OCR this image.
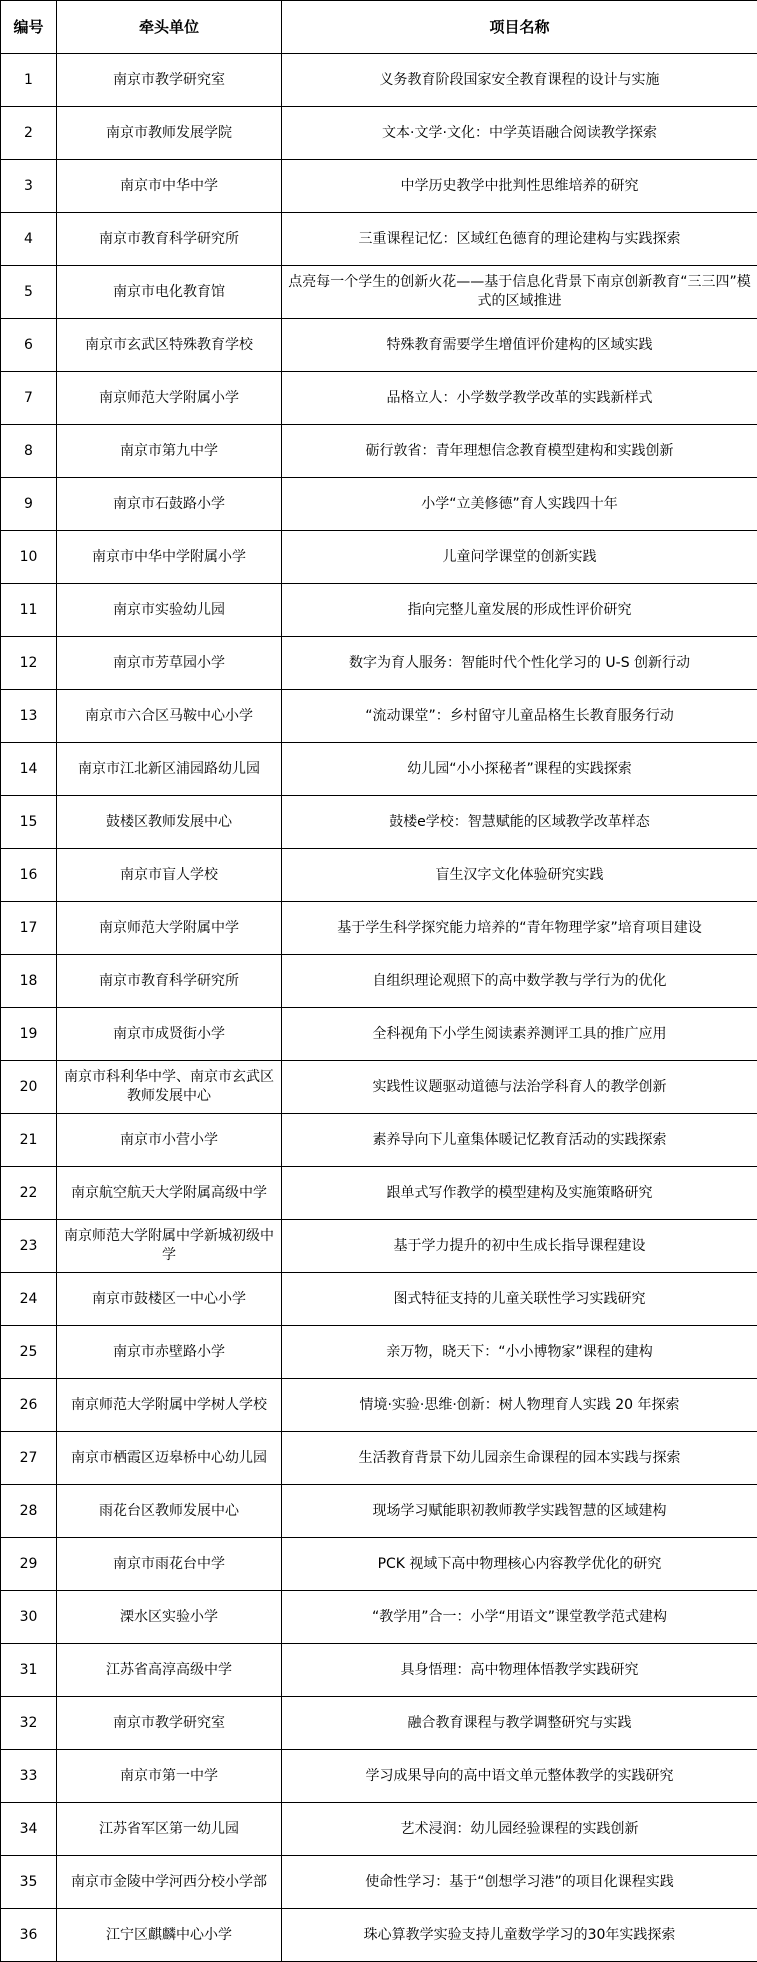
编号	牵头单位	项目名称
1	南京市教学研究室	义务教育阶段国家安全教育课程的设计与实施
2	南京市教师发展学院	文本·文学·文化：中学英语融合阅读教学探索
3	南京市中华中学	中学历史教学中批判性思维培养的研究
4	南京市教育科学研究所	三重课程记忆：区域红色德育的理论建构与实践探索
5	南京市电化教育馆	点亮每一个学生的创新火花——基于信息化背景下南京创新教育“三三四”模式的区域推进
6	南京市玄武区特殊教育学校	特殊教育需要学生增值评价建构的区域实践
7	南京师范大学附属小学	品格立人：小学数学教学改革的实践新样式
8	南京市第九中学	砺行敦省：青年理想信念教育模型建构和实践创新
9	南京市石鼓路小学	小学“立美修德”育人实践四十年
10	南京市中华中学附属小学	儿童问学课堂的创新实践
11	南京市实验幼儿园	指向完整儿童发展的形成性评价研究
12	南京市芳草园小学	数字为育人服务：智能时代个性化学习的 U-S 创新行动
13	南京市六合区马鞍中心小学	“流动课堂”：乡村留守儿童品格生长教育服务行动
14	南京市江北新区浦园路幼儿园	幼儿园“小小探秘者”课程的实践探索
15	鼓楼区教师发展中心	鼓楼e学校：智慧赋能的区域教学改革样态
16	南京市盲人学校	盲生汉字文化体验研究实践
17	南京师范大学附属中学	基于学生科学探究能力培养的“青年物理学家”培育项目建设
18	南京市教育科学研究所	自组织理论观照下的高中数学教与学行为的优化
19	南京市成贤街小学	全科视角下小学生阅读素养测评工具的推广应用
20	南京市科利华中学、南京市玄武区教师发展中心	实践性议题驱动道德与法治学科育人的教学创新
21	南京市小营小学	素养导向下儿童集体暖记忆教育活动的实践探索
22	南京航空航天大学附属高级中学	跟单式写作教学的模型建构及实施策略研究
23	南京师范大学附属中学新城初级中学	基于学力提升的初中生成长指导课程建设
24	南京市鼓楼区一中心小学	图式特征支持的儿童关联性学习实践研究
25	南京市赤壁路小学	亲万物，晓天下：“小小博物家”课程的建构
26	南京师范大学附属中学树人学校	情境·实验·思维·创新：树人物理育人实践 20 年探索
27	南京市栖霞区迈皋桥中心幼儿园	生活教育背景下幼儿园亲生命课程的园本实践与探索
28	雨花台区教师发展中心	现场学习赋能职初教师教学实践智慧的区域建构
29	南京市雨花台中学	PCK 视域下高中物理核心内容教学优化的研究
30	溧水区实验小学	“教学用”合一：小学“用语文”课堂教学范式建构
31	江苏省高淳高级中学	具身悟理：高中物理体悟教学实践研究
32	南京市教学研究室	融合教育课程与教学调整研究与实践
33	南京市第一中学	学习成果导向的高中语文单元整体教学的实践研究
34	江苏省军区第一幼儿园	艺术浸润：幼儿园经验课程的实践创新
35	南京市金陵中学河西分校小学部	使命性学习：基于“创想学习港”的项目化课程实践
36	江宁区麒麟中心小学	珠心算教学实验支持儿童数学学习的30年实践探索
